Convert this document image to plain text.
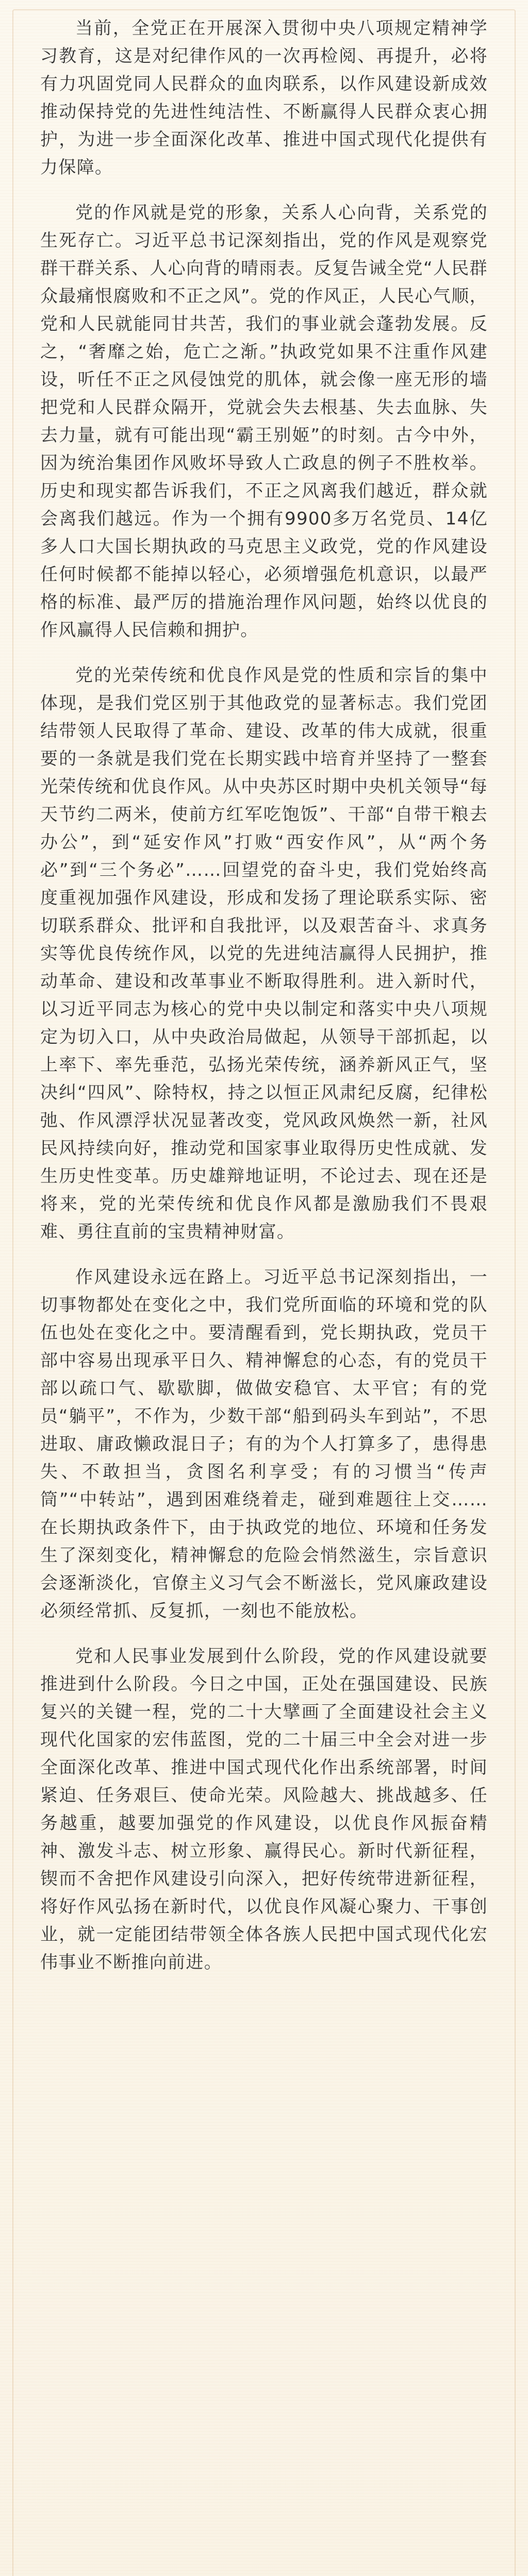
当前，全党正在开展深入贯彻中央八项规定精神学习教育，这是对纪律作风的一次再检阅、再提升，必将有力巩固党同人民群众的血肉联系，以作风建设新成效推动保持党的先进性纯洁性、不断赢得人民群众衷心拥护，为进一步全面深化改革、推进中国式现代化提供有力保障。

党的作风就是党的形象，关系人心向背，关系党的生死存亡。习近平总书记深刻指出，党的作风是观察党群干群关系、人心向背的晴雨表。反复告诫全党“人民群众最痛恨腐败和不正之风”。党的作风正，人民心气顺，党和人民就能同甘共苦，我们的事业就会蓬勃发展。反之，“奢靡之始，危亡之渐。”执政党如果不注重作风建设，听任不正之风侵蚀党的肌体，就会像一座无形的墙把党和人民群众隔开，党就会失去根基、失去血脉、失去力量，就有可能出现“霸王别姬”的时刻。古今中外，因为统治集团作风败坏导致人亡政息的例子不胜枚举。历史和现实都告诉我们，不正之风离我们越近，群众就会离我们越远。作为一个拥有9900多万名党员、14亿多人口大国长期执政的马克思主义政党，党的作风建设任何时候都不能掉以轻心，必须增强危机意识，以最严格的标准、最严厉的措施治理作风问题，始终以优良的作风赢得人民信赖和拥护。

党的光荣传统和优良作风是党的性质和宗旨的集中体现，是我们党区别于其他政党的显著标志。我们党团结带领人民取得了革命、建设、改革的伟大成就，很重要的一条就是我们党在长期实践中培育并坚持了一整套光荣传统和优良作风。从中央苏区时期中央机关领导“每天节约二两米，使前方红军吃饱饭”、干部“自带干粮去办公”，到“延安作风”打败“西安作风”，从“两个务必”到“三个务必”……回望党的奋斗史，我们党始终高度重视加强作风建设，形成和发扬了理论联系实际、密切联系群众、批评和自我批评，以及艰苦奋斗、求真务实等优良传统作风，以党的先进纯洁赢得人民拥护，推动革命、建设和改革事业不断取得胜利。进入新时代，以习近平同志为核心的党中央以制定和落实中央八项规定为切入口，从中央政治局做起，从领导干部抓起，以上率下、率先垂范，弘扬光荣传统，涵养新风正气，坚决纠“四风”、除特权，持之以恒正风肃纪反腐，纪律松弛、作风漂浮状况显著改变，党风政风焕然一新，社风民风持续向好，推动党和国家事业取得历史性成就、发生历史性变革。历史雄辩地证明，不论过去、现在还是将来，党的光荣传统和优良作风都是激励我们不畏艰难、勇往直前的宝贵精神财富。

作风建设永远在路上。习近平总书记深刻指出，一切事物都处在变化之中，我们党所面临的环境和党的队伍也处在变化之中。要清醒看到，党长期执政，党员干部中容易出现承平日久、精神懈怠的心态，有的党员干部以疏口气、歇歇脚，做做安稳官、太平官；有的党员“躺平”，不作为，少数干部“船到码头车到站”，不思进取、庸政懒政混日子；有的为个人打算多了，患得患失、不敢担当，贪图名利享受；有的习惯当“传声筒”“中转站”，遇到困难绕着走，碰到难题往上交……在长期执政条件下，由于执政党的地位、环境和任务发生了深刻变化，精神懈怠的危险会悄然滋生，宗旨意识会逐渐淡化，官僚主义习气会不断滋长，党风廉政建设必须经常抓、反复抓，一刻也不能放松。

党和人民事业发展到什么阶段，党的作风建设就要推进到什么阶段。今日之中国，正处在强国建设、民族复兴的关键一程，党的二十大擘画了全面建设社会主义现代化国家的宏伟蓝图，党的二十届三中全会对进一步全面深化改革、推进中国式现代化作出系统部署，时间紧迫、任务艰巨、使命光荣。风险越大、挑战越多、任务越重，越要加强党的作风建设，以优良作风振奋精神、激发斗志、树立形象、赢得民心。新时代新征程，锲而不舍把作风建设引向深入，把好传统带进新征程，将好作风弘扬在新时代，以优良作风凝心聚力、干事创业，就一定能团结带领全体各族人民把中国式现代化宏伟事业不断推向前进。
